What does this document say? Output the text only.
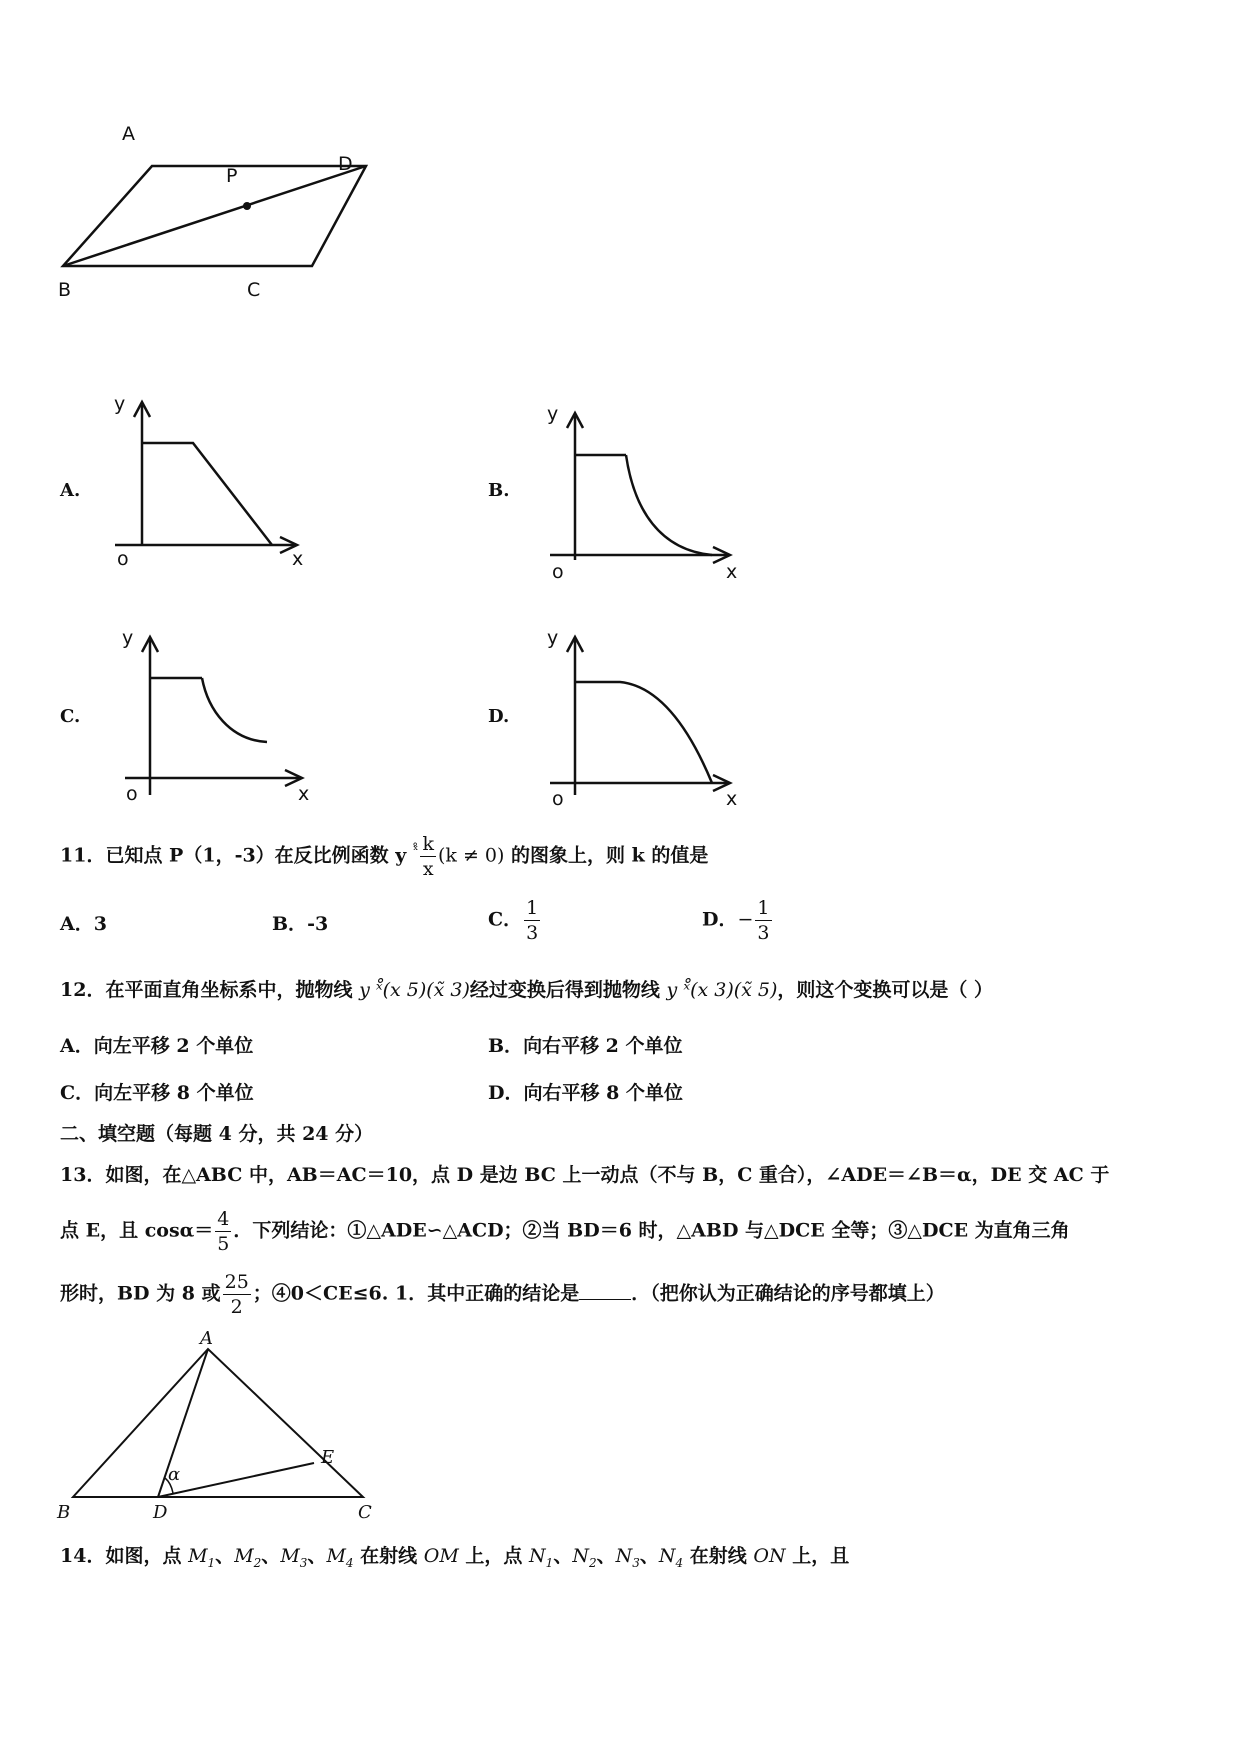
A
D
P
B	C
A.	B.
C.	D.
y
o	x
y
o	x
y
o	x
y
o	x
11．已知点 P（1，-3）在反比例函数 y $^{ˣ̊} \frac{k}{x} (k \ne 0)$ 的图象上，则 k 的值是
A．3	B．-3	C． $\frac{1}{3}$	D．− $\frac{1}{3}$
12．在平面直角坐标系中，抛物线 y ˣ̊(x 5)(x̃ 3)经过变换后得到抛物线 y ˣ̊(x 3)(x̃ 5)，则这个变换可以是（ ）
A．向左平移 2 个单位	B．向右平移 2 个单位
C．向左平移 8 个单位	D．向右平移 8 个单位
二、填空题（每题 4 分，共 24 分）
13．如图，在△ABC 中，AB＝AC＝10，点 D 是边 BC 上一动点（不与 B，C 重合），∠ADE＝∠B＝α，DE 交 AC 于
点 E，且 $\cos\alpha= \frac{4}{5}$ ．下列结论：①△ADE∽△ACD；②当 BD＝6 时，△ABD 与△DCE 全等；③△DCE 为直角三角
形时，BD 为 8 或 $\frac{25}{2}$ ；④0＜CE≤6. 1．其中正确的结论是	．（把你认为正确结论的序号都填上）
A
B	D	C
E
α
14．如图，点 $M_1$、$M_2$、$M_3$、$M_4$ 在射线 OM 上，点 $N_1$、$N_2$、$N_3$、$N_4$ 在射线 ON 上，且
